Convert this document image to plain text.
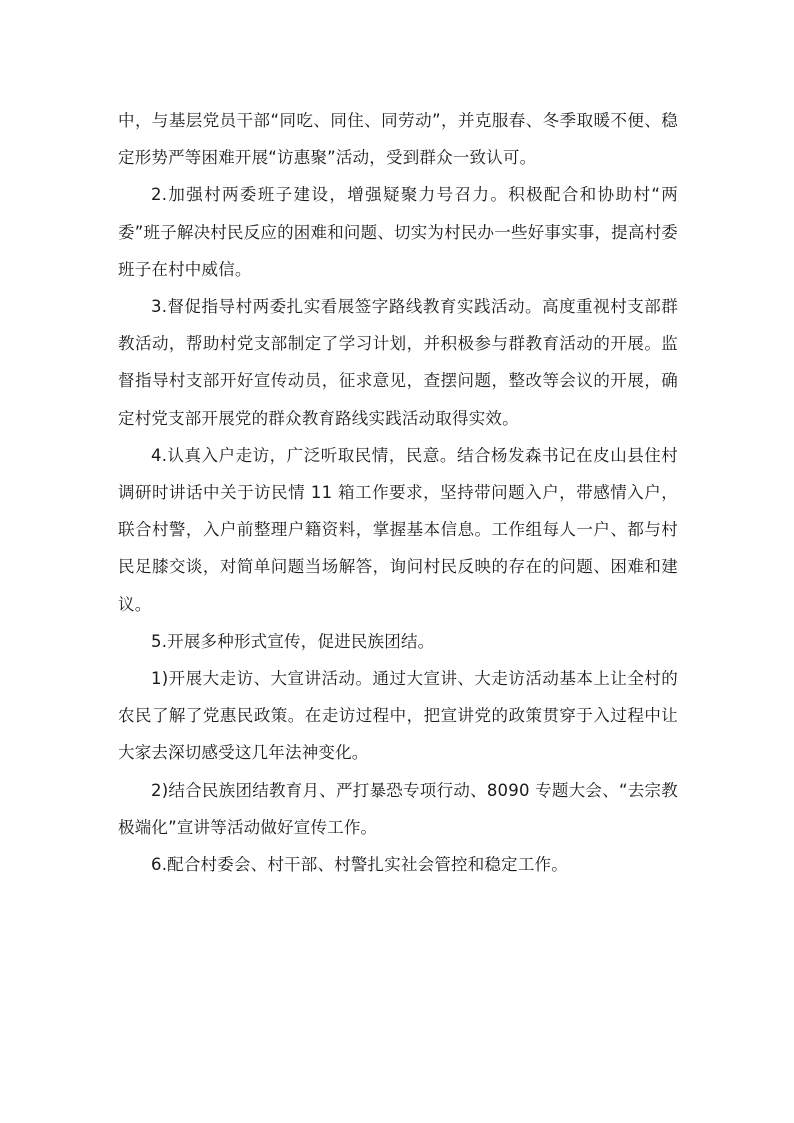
中，与基层党员干部“同吃、同住、同劳动”，并克服春、冬季取暖不便、稳定形势严等困难开展“访惠聚”活动，受到群众一致认可。

2.加强村两委班子建设，增强疑聚力号召力。积极配合和协助村“两委”班子解决村民反应的困难和问题、切实为村民办一些好事实事，提高村委班子在村中威信。

3.督促指导村两委扎实看展签字路线教育实践活动。高度重视村支部群教活动，帮助村党支部制定了学习计划，并积极参与群教育活动的开展。监督指导村支部开好宣传动员，征求意见，查摆问题，整改等会议的开展，确定村党支部开展党的群众教育路线实践活动取得实效。

4.认真入户走访，广泛听取民情，民意。结合杨发森书记在皮山县住村调研时讲话中关于访民情 11 箱工作要求，坚持带问题入户，带感情入户，联合村警，入户前整理户籍资料，掌握基本信息。工作组每人一户、都与村民足膝交谈，对简单问题当场解答，询问村民反映的存在的问题、困难和建议。

5.开展多种形式宣传，促进民族团结。

1)开展大走访、大宣讲活动。通过大宣讲、大走访活动基本上让全村的农民了解了党惠民政策。在走访过程中，把宣讲党的政策贯穿于入过程中让大家去深切感受这几年法神变化。

2)结合民族团结教育月、严打暴恐专项行动、8090 专题大会、“去宗教极端化”宣讲等活动做好宣传工作。

6.配合村委会、村干部、村警扎实社会管控和稳定工作。
